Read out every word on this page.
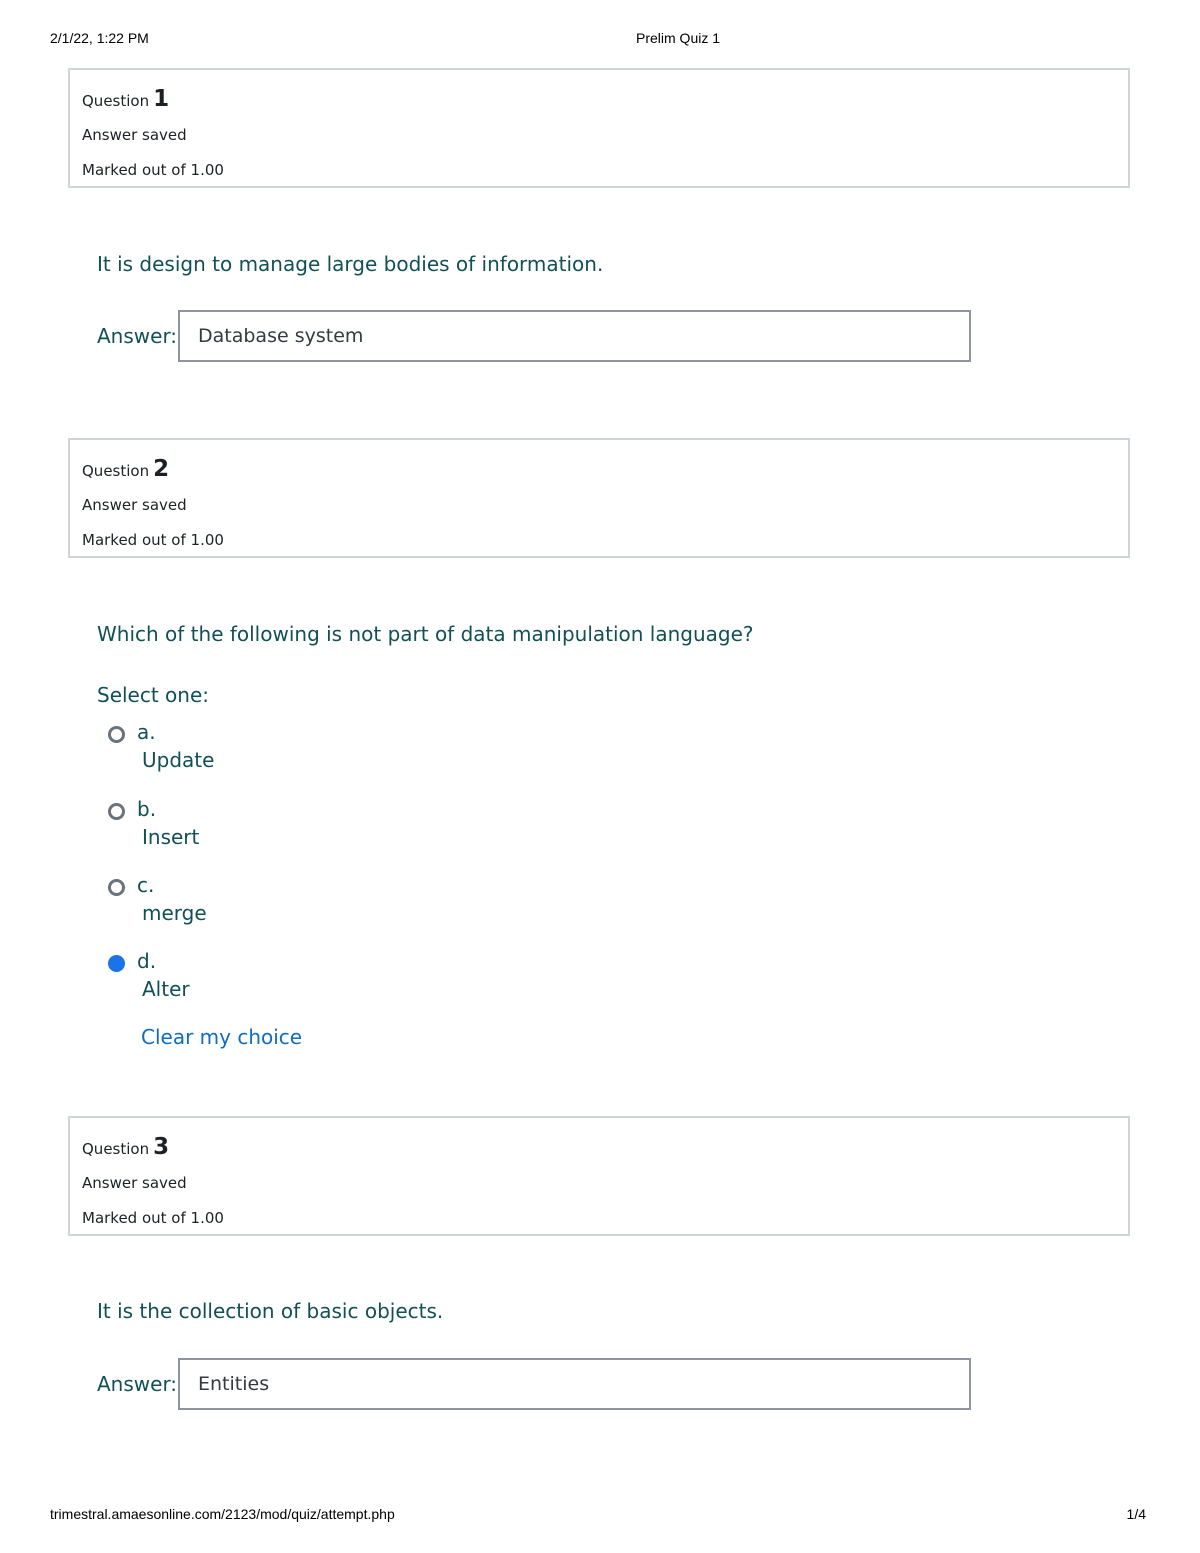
2/1/22, 1:22 PM	Prelim Quiz 1
Question 1
Answer saved
Marked out of 1.00
It is design to manage large bodies of information.
Answer:
Database system
Question 2
Answer saved
Marked out of 1.00
Which of the following is not part of data manipulation language?
Select one:
a.
Update
b.
Insert
c.
merge
d.
Alter
Clear my choice
Question 3
Answer saved
Marked out of 1.00
It is the collection of basic objects.
Answer:
Entities
trimestral.amaesonline.com/2123/mod/quiz/attempt.php	1/4
